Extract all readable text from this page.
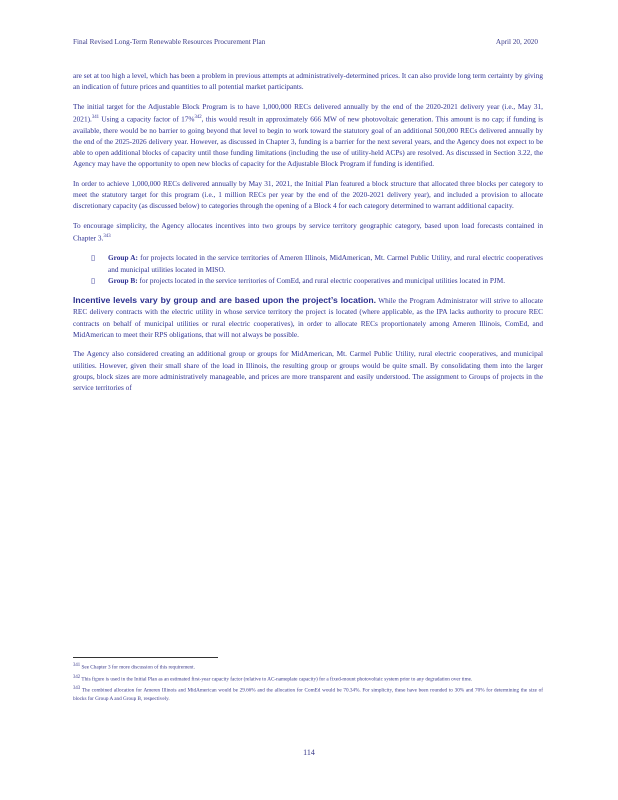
Final Revised Long-Term Renewable Resources Procurement Plan	April 20, 2020

are set at too high a level, which has been a problem in previous attempts at administratively-determined prices. It can also provide long term certainty by giving an indication of future prices and quantities to all potential market participants.

The initial target for the Adjustable Block Program is to have 1,000,000 RECs delivered annually by the end of the 2020-2021 delivery year (i.e., May 31, 2021).$^{341}$ Using a capacity factor of 17%$^{342}$, this would result in approximately 666 MW of new photovoltaic generation. This amount is no cap; if funding is available, there would be no barrier to going beyond that level to begin to work toward the statutory goal of an additional 500,000 RECs delivered annually by the end of the 2025-2026 delivery year. However, as discussed in Chapter 3, funding is a barrier for the next several years, and the Agency does not expect to be able to open additional blocks of capacity until those funding limitations (including the use of utility-held ACPs) are resolved. As discussed in Section 3.22, the Agency may have the opportunity to open new blocks of capacity for the Adjustable Block Program if funding is identified.

In order to achieve 1,000,000 RECs delivered annually by May 31, 2021, the Initial Plan featured a block structure that allocated three blocks per category to meet the statutory target for this program (i.e., 1 million RECs per year by the end of the 2020-2021 delivery year), and included a provision to allocate discretionary capacity (as discussed below) to categories through the opening of a Block 4 for each category determined to warrant additional capacity.

To encourage simplicity, the Agency allocates incentives into two groups by service territory geographic category, based upon load forecasts contained in Chapter 3.$^{343}$

▯ Group A: for projects located in the service territories of Ameren Illinois, MidAmerican, Mt. Carmel Public Utility, and rural electric cooperatives and municipal utilities located in MISO.
▯ Group B: for projects located in the service territories of ComEd, and rural electric cooperatives and municipal utilities located in PJM.

Incentive levels vary by group and are based upon the project’s location. While the Program Administrator will strive to allocate REC delivery contracts with the electric utility in whose service territory the project is located (where applicable, as the IPA lacks authority to procure REC contracts on behalf of municipal utilities or rural electric cooperatives), in order to allocate RECs proportionately among Ameren Illinois, ComEd, and MidAmerican to meet their RPS obligations, that will not always be possible.

The Agency also considered creating an additional group or groups for MidAmerican, Mt. Carmel Public Utility, rural electric cooperatives, and municipal utilities. However, given their small share of the load in Illinois, the resulting group or groups would be quite small. By consolidating them into the larger groups, block sizes are more administratively manageable, and prices are more transparent and easily understood. The assignment to Groups of projects in the service territories of

341 See Chapter 3 for more discussion of this requirement.

342 This figure is used in the Initial Plan as an estimated first-year capacity factor (relative to AC-nameplate capacity) for a fixed-mount photovoltaic system prior to any degradation over time.

343 The combined allocation for Ameren Illinois and MidAmerican would be 29.66% and the allocation for ComEd would be 70.34%. For simplicity, these have been rounded to 30% and 70% for determining the size of blocks for Group A and Group B, respectively.

114
